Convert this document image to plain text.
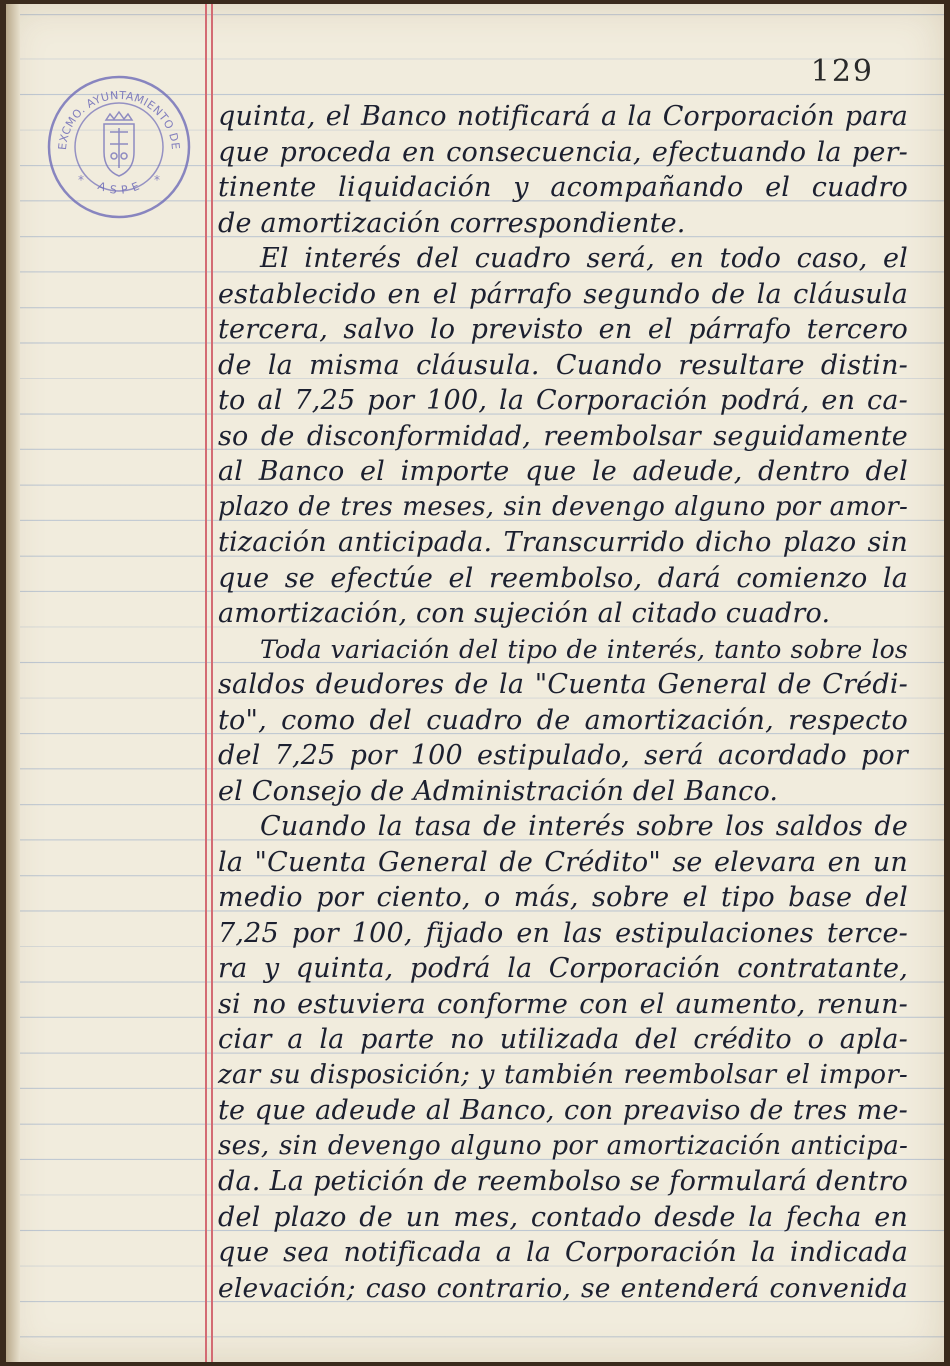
129
EXCMO. AYUNTAMIENTO DE
A S P E
*	*
quinta, el Banco notificará a la Corporación para
que proceda en consecuencia, efectuando la per-
tinente liquidación y acompañando el cuadro
de amortización correspondiente.
El interés del cuadro será, en todo caso, el
establecido en el párrafo segundo de la cláusula
tercera, salvo lo previsto en el párrafo tercero
de la misma cláusula. Cuando resultare distin-
to al 7,25 por 100, la Corporación podrá, en ca-
so de disconformidad, reembolsar seguidamente
al Banco el importe que le adeude, dentro del
plazo de tres meses, sin devengo alguno por amor-
tización anticipada. Transcurrido dicho plazo sin
que se efectúe el reembolso, dará comienzo la
amortización, con sujeción al citado cuadro.
Toda variación del tipo de interés, tanto sobre los
saldos deudores de la "Cuenta General de Crédi-
to", como del cuadro de amortización, respecto
del 7,25 por 100 estipulado, será acordado por
el Consejo de Administración del Banco.
Cuando la tasa de interés sobre los saldos de
la "Cuenta General de Crédito" se elevara en un
medio por ciento, o más, sobre el tipo base del
7,25 por 100, fijado en las estipulaciones terce-
ra y quinta, podrá la Corporación contratante,
si no estuviera conforme con el aumento, renun-
ciar a la parte no utilizada del crédito o apla-
zar su disposición; y también reembolsar el impor-
te que adeude al Banco, con preaviso de tres me-
ses, sin devengo alguno por amortización anticipa-
da. La petición de reembolso se formulará dentro
del plazo de un mes, contado desde la fecha en
que sea notificada a la Corporación la indicada
elevación; caso contrario, se entenderá convenida
